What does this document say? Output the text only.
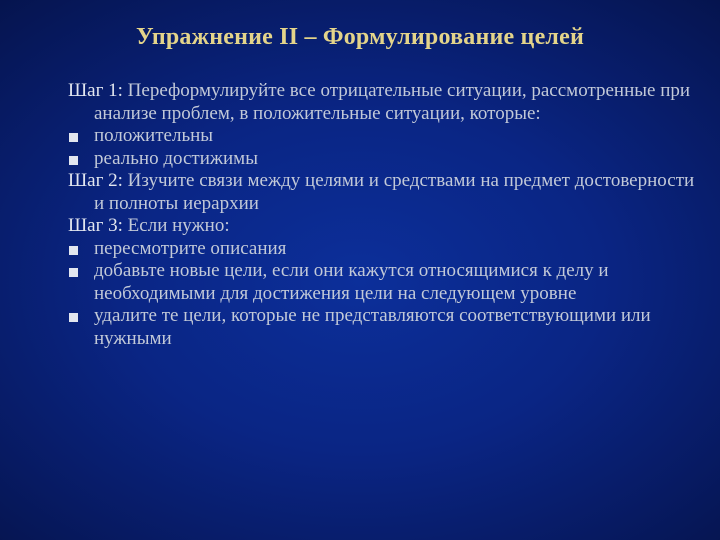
Упражнение II – Формулирование целей
Шаг 1: Переформулируйте все отрицательные ситуации, рассмотренные при анализе проблем, в положительные ситуации, которые:
положительны
реально достижимы
Шаг 2: Изучите связи между целями и средствами на предмет достоверности и полноты иерархии
Шаг 3: Если нужно:
пересмотрите описания
добавьте новые цели, если они кажутся относящимися к делу и необходимыми для достижения цели на следующем уровне
удалите те цели, которые не представляются соответствующими или нужными
